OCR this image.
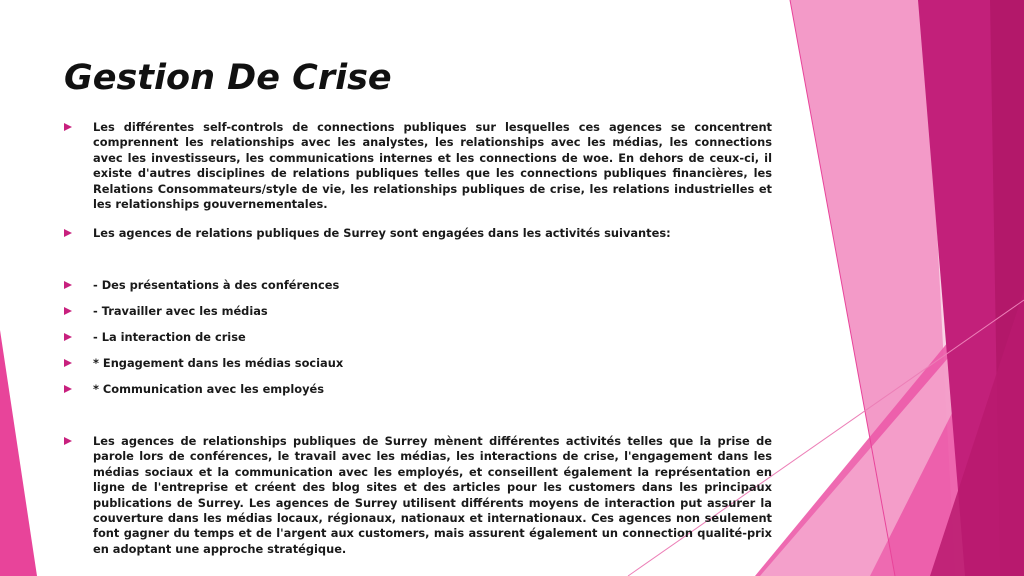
Gestion De Crise
Les différentes self-controls de connections publiques sur lesquelles ces agences se concentrent comprennent les relationships avec les analystes, les relationships avec les médias, les connections avec les investisseurs, les communications internes et les connections de woe. En dehors de ceux-ci, il existe d'autres disciplines de relations publiques telles que les connections publiques financières, les Relations Consommateurs/style de vie, les relationships publiques de crise, les relations industrielles et les relationships gouvernementales.
Les agences de relations publiques de Surrey sont engagées dans les activités suivantes:
- Des présentations à des conférences
- Travailler avec les médias
- La interaction de crise
* Engagement dans les médias sociaux
* Communication avec les employés
Les agences de relationships publiques de Surrey mènent différentes activités telles que la prise de parole lors de conférences, le travail avec les médias, les interactions de crise, l'engagement dans les médias sociaux et la communication avec les employés, et conseillent également la représentation en ligne de l'entreprise et créent des blog sites et des articles pour les customers dans les principaux publications de Surrey. Les agences de Surrey utilisent différents moyens de interaction put assurer la couverture dans les médias locaux, régionaux, nationaux et internationaux. Ces agences non seulement font gagner du temps et de l'argent aux customers, mais assurent également un connection qualité-prix en adoptant une approche stratégique.
